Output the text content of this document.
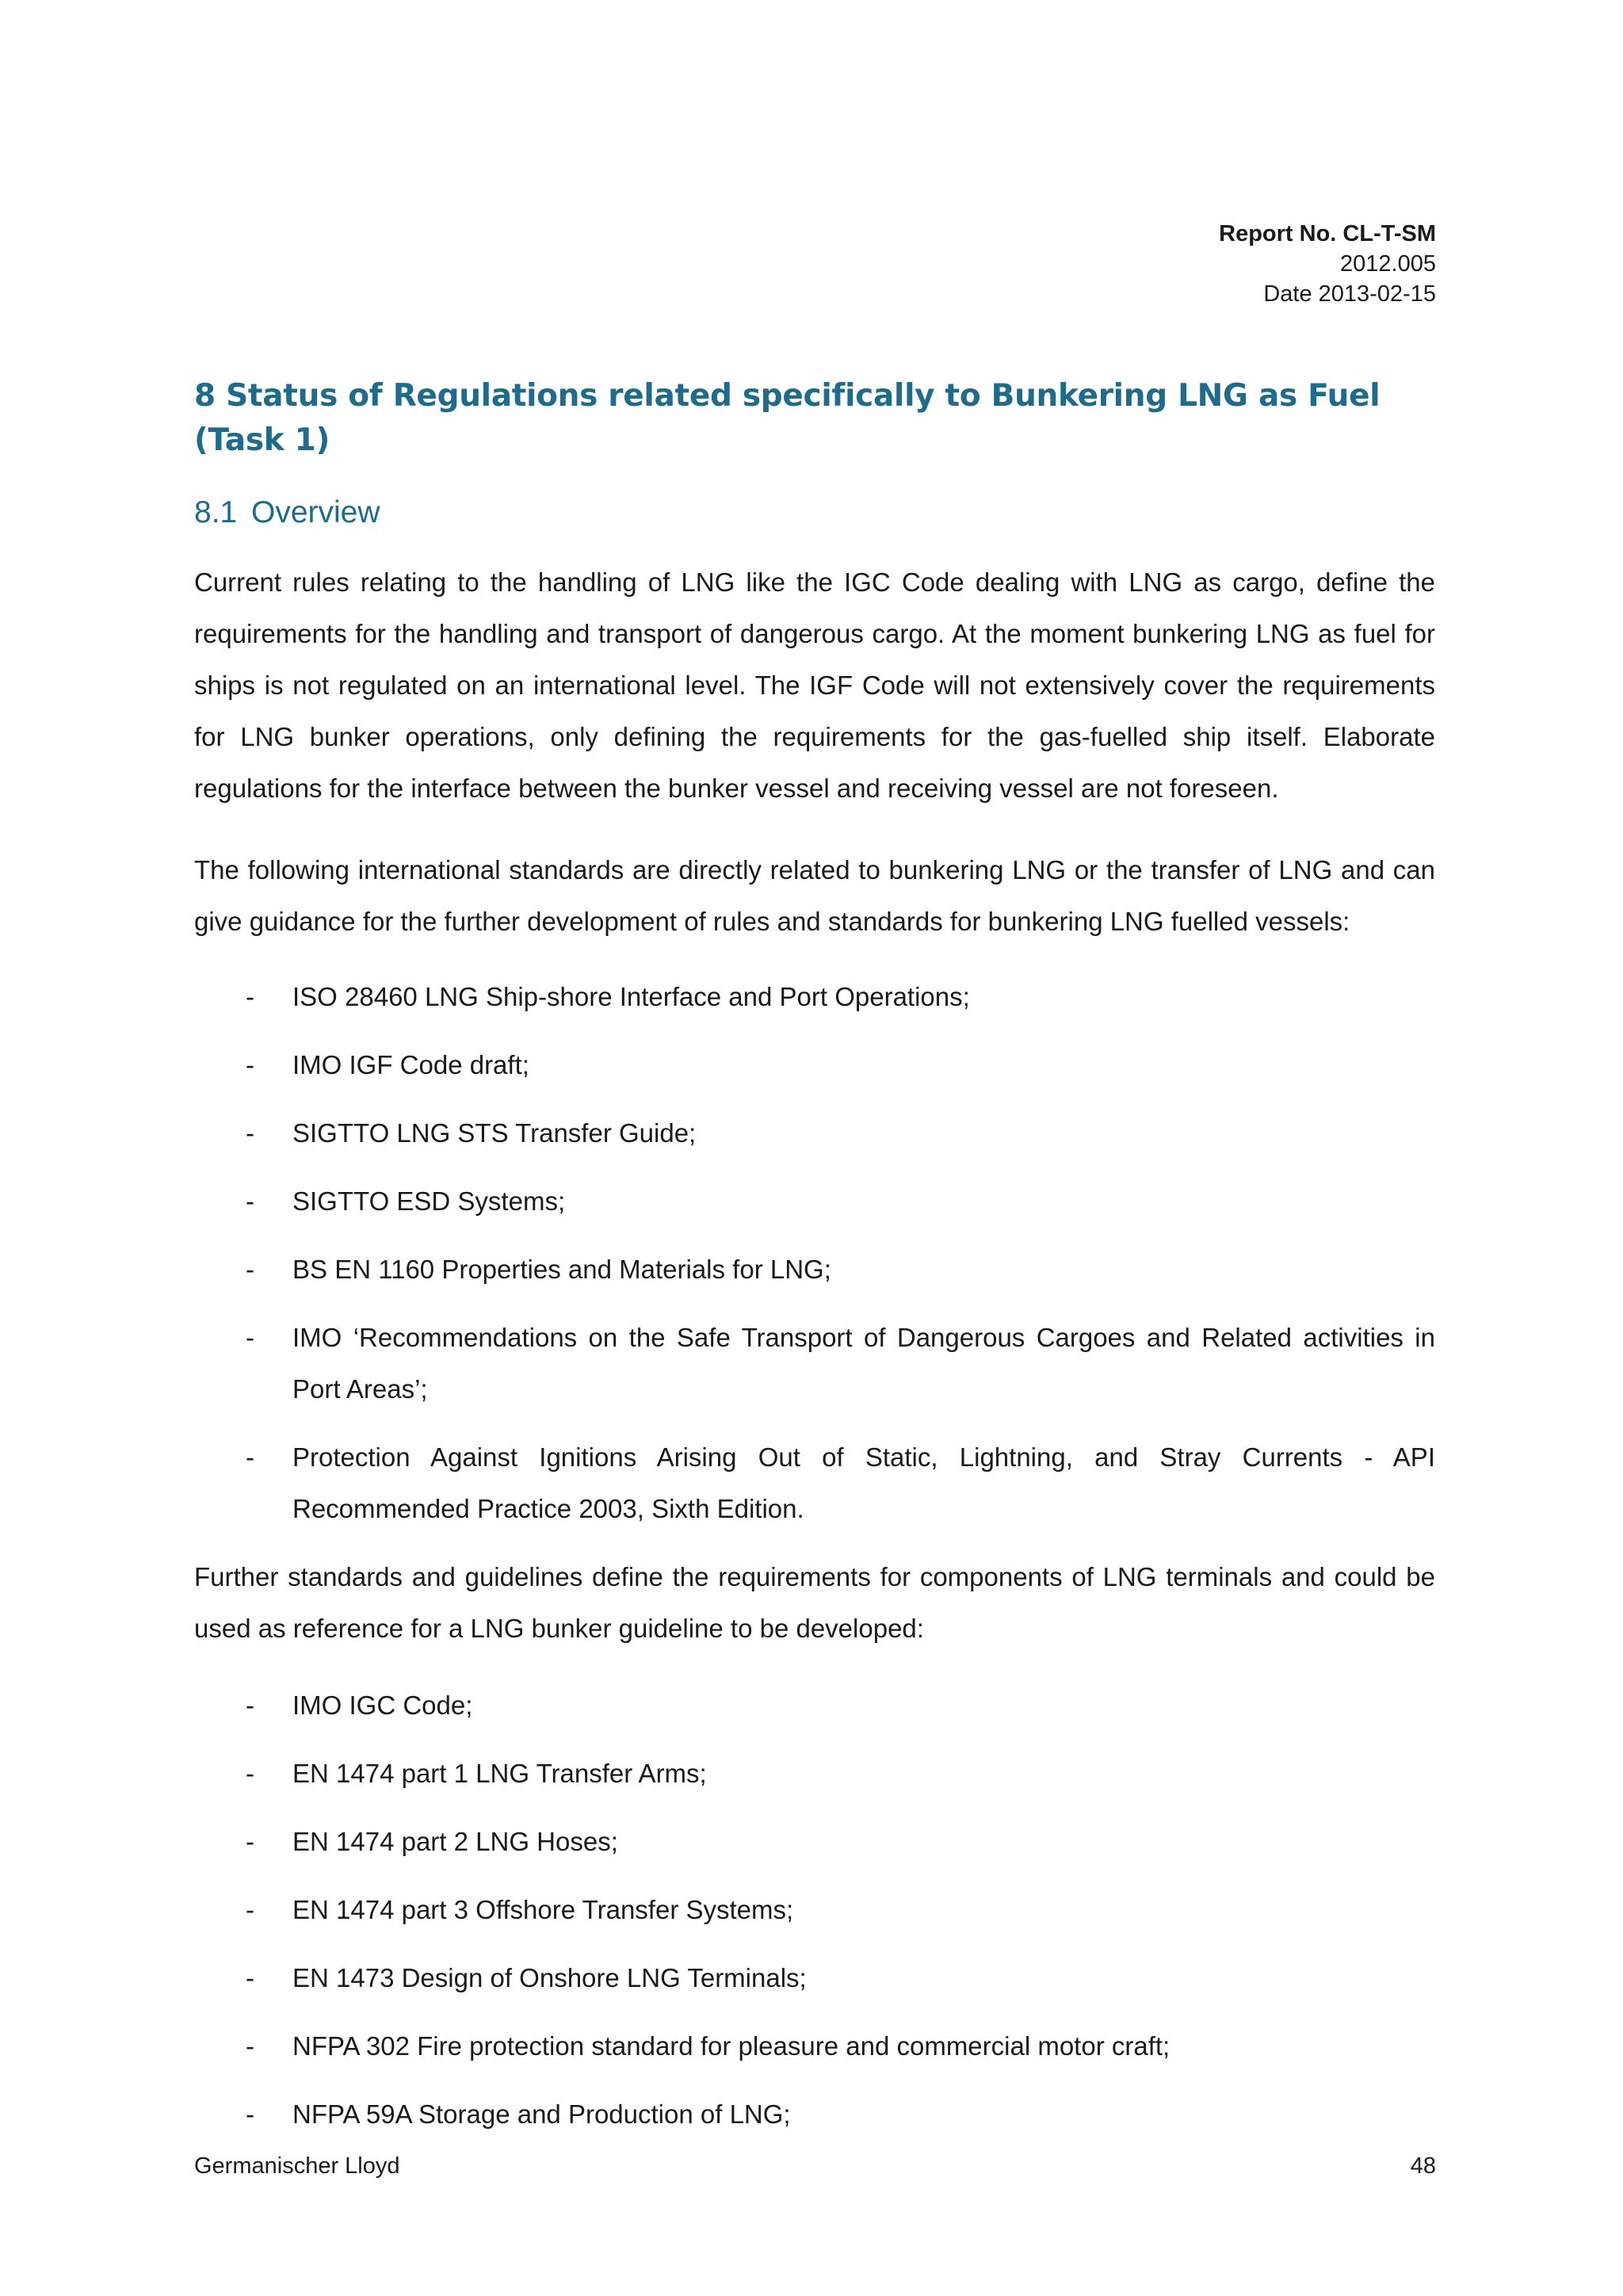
Report No. CL-T-SM
2012.005
Date 2013-02-15
8 Status of Regulations related specifically to Bunkering LNG as Fuel (Task 1)
8.1 Overview

Current rules relating to the handling of LNG like the IGC Code dealing with LNG as cargo, define the requirements for the handling and transport of dangerous cargo. At the moment bunkering LNG as fuel for ships is not regulated on an international level. The IGF Code will not extensively cover the requirements for LNG bunker operations, only defining the requirements for the gas-fuelled ship itself. Elaborate regulations for the interface between the bunker vessel and receiving vessel are not foreseen.

The following international standards are directly related to bunkering LNG or the transfer of LNG and can give guidance for the further development of rules and standards for bunkering LNG fuelled vessels:

- ISO 28460 LNG Ship-shore Interface and Port Operations;
- IMO IGF Code draft;
- SIGTTO LNG STS Transfer Guide;
- SIGTTO ESD Systems;
- BS EN 1160 Properties and Materials for LNG;
- IMO ‘Recommendations on the Safe Transport of Dangerous Cargoes and Related activities in Port Areas’;
- Protection Against Ignitions Arising Out of Static, Lightning, and Stray Currents - API Recommended Practice 2003, Sixth Edition.

Further standards and guidelines define the requirements for components of LNG terminals and could be used as reference for a LNG bunker guideline to be developed:

- IMO IGC Code;
- EN 1474 part 1 LNG Transfer Arms;
- EN 1474 part 2 LNG Hoses;
- EN 1474 part 3 Offshore Transfer Systems;
- EN 1473 Design of Onshore LNG Terminals;
- NFPA 302 Fire protection standard for pleasure and commercial motor craft;
- NFPA 59A Storage and Production of LNG;
Germanischer Lloyd	48
